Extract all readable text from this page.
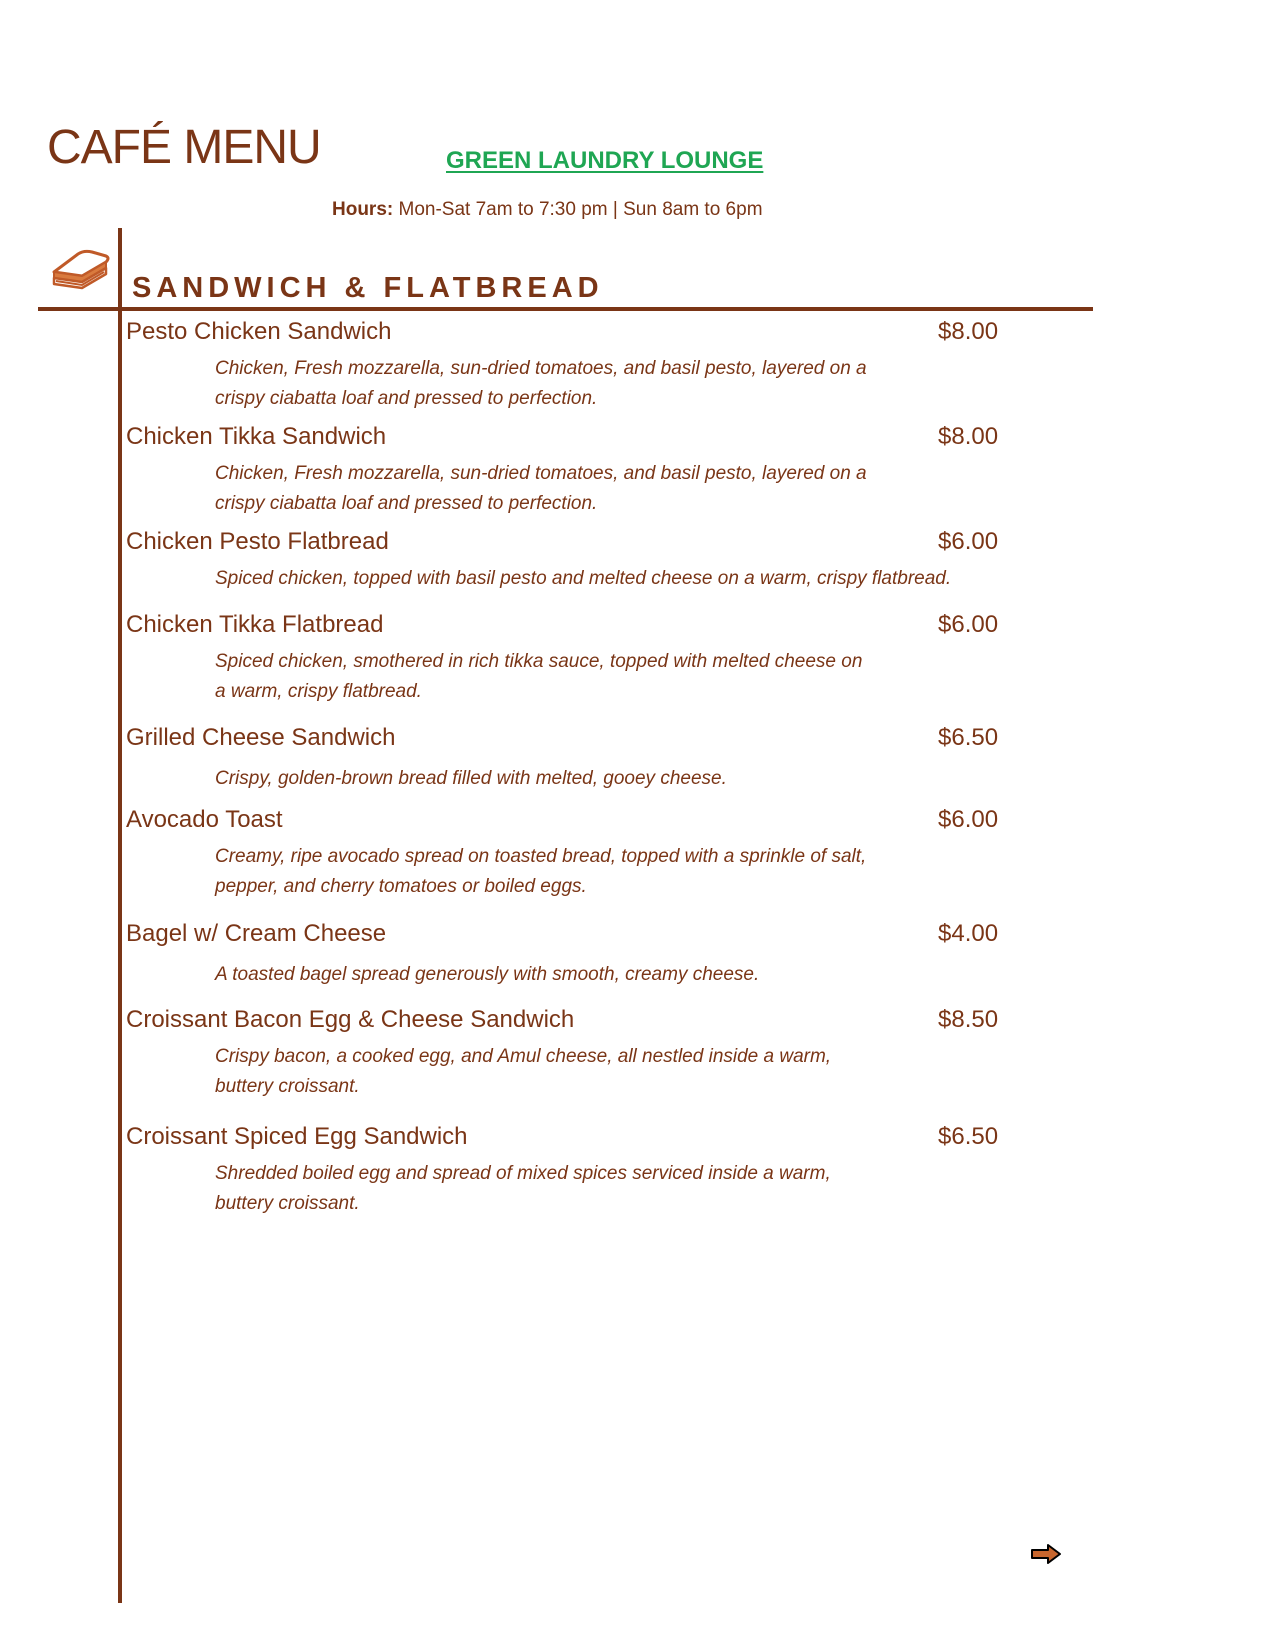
CAFÉ MENU	GREEN LAUNDRY LOUNGE
Hours: Mon-Sat 7am to 7:30 pm | Sun 8am to 6pm
SANDWICH & FLATBREAD
Pesto Chicken Sandwich	$8.00
Chicken, Fresh mozzarella, sun-dried tomatoes, and basil pesto, layered on a crispy ciabatta loaf and pressed to perfection.
Chicken Tikka Sandwich	$8.00
Chicken, Fresh mozzarella, sun-dried tomatoes, and basil pesto, layered on a crispy ciabatta loaf and pressed to perfection.
Chicken Pesto Flatbread	$6.00
Spiced chicken, topped with basil pesto and melted cheese on a warm, crispy flatbread.
Chicken Tikka Flatbread	$6.00
Spiced chicken, smothered in rich tikka sauce, topped with melted cheese on a warm, crispy flatbread.
Grilled Cheese Sandwich	$6.50
Crispy, golden-brown bread filled with melted, gooey cheese.
Avocado Toast	$6.00
Creamy, ripe avocado spread on toasted bread, topped with a sprinkle of salt, pepper, and cherry tomatoes or boiled eggs.
Bagel w/ Cream Cheese	$4.00
A toasted bagel spread generously with smooth, creamy cheese.
Croissant Bacon Egg & Cheese Sandwich	$8.50
Crispy bacon, a cooked egg, and Amul cheese, all nestled inside a warm, buttery croissant.
Croissant Spiced Egg Sandwich	$6.50
Shredded boiled egg and spread of mixed spices serviced inside a warm, buttery croissant.
